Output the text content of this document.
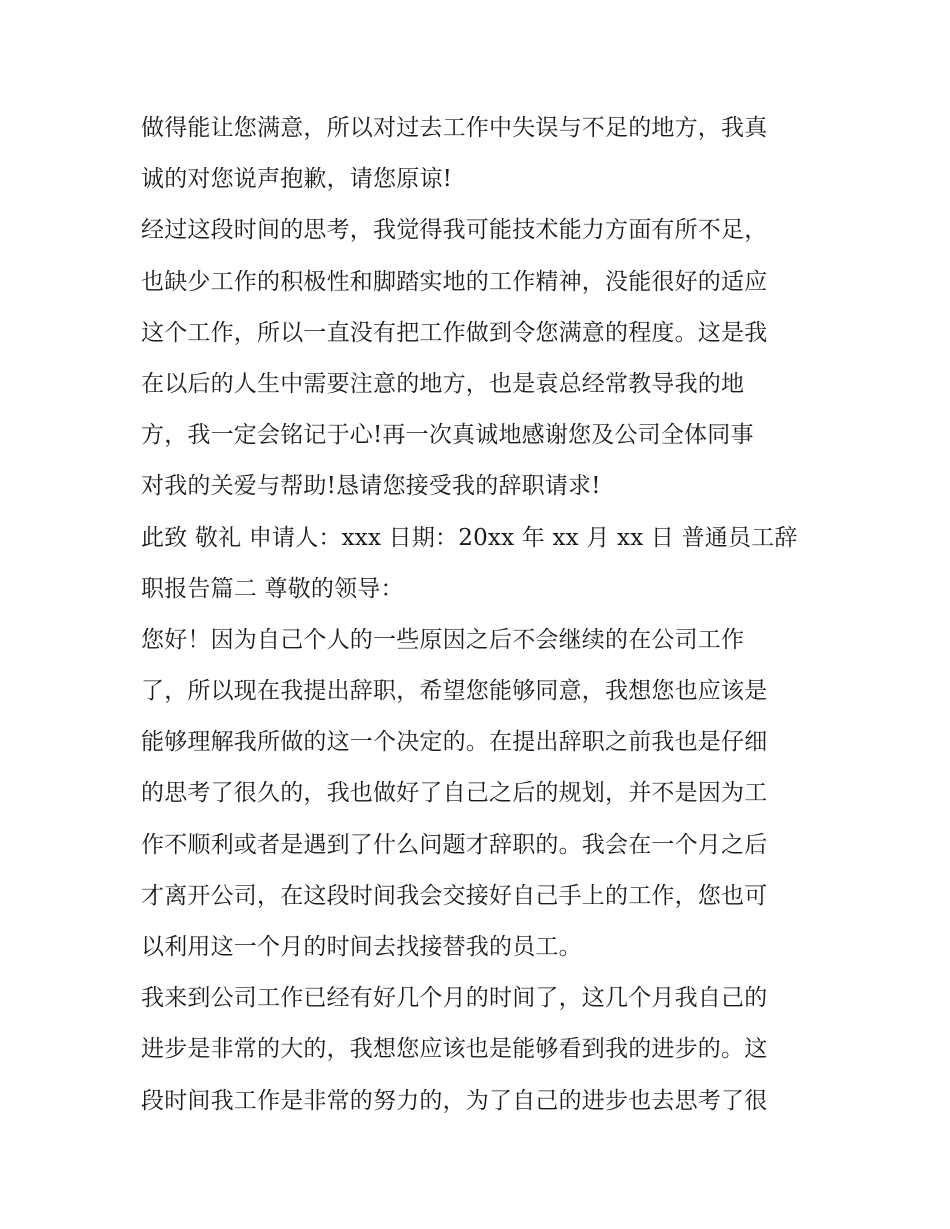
做得能让您满意，所以对过去工作中失误与不足的地方，我真
诚的对您说声抱歉，请您原谅!
经过这段时间的思考，我觉得我可能技术能力方面有所不足，
也缺少工作的积极性和脚踏实地的工作精神，没能很好的适应
这个工作，所以一直没有把工作做到令您满意的程度。这是我
在以后的人生中需要注意的地方，也是袁总经常教导我的地
方，我一定会铭记于心!再一次真诚地感谢您及公司全体同事
对我的关爱与帮助!恳请您接受我的辞职请求!
此致 敬礼 申请人：xxx 日期：20xx 年 xx 月 xx 日 普通员工辞
职报告篇二 尊敬的领导：
您好！因为自己个人的一些原因之后不会继续的在公司工作
了，所以现在我提出辞职，希望您能够同意，我想您也应该是
能够理解我所做的这一个决定的。在提出辞职之前我也是仔细
的思考了很久的，我也做好了自己之后的规划，并不是因为工
作不顺利或者是遇到了什么问题才辞职的。我会在一个月之后
才离开公司，在这段时间我会交接好自己手上的工作，您也可
以利用这一个月的时间去找接替我的员工。
我来到公司工作已经有好几个月的时间了，这几个月我自己的
进步是非常的大的，我想您应该也是能够看到我的进步的。这
段时间我工作是非常的努力的，为了自己的进步也去思考了很
